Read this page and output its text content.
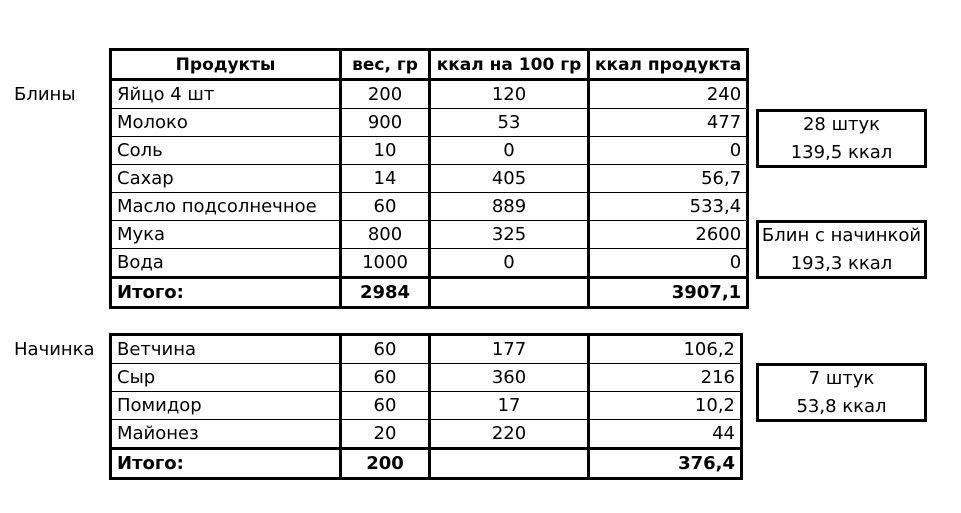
Блины
Начинка
Продукты	вес, гр	ккал на 100 гр	ккал продукта
Яйцо 4 шт	200	120	240
Молоко	900	53	477
Соль	10	0	0
Сахар	14	405	56,7
Масло подсолнечное	60	889	533,4
Мука	800	325	2600
Вода	1000	0	0
Итого:	2984		3907,1
Ветчина	60	177	106,2
Сыр	60	360	216
Помидор	60	17	10,2
Майонез	20	220	44
Итого:	200		376,4
28 штук
139,5 ккал
Блин с начинкой
193,3 ккал
7 штук
53,8 ккал
